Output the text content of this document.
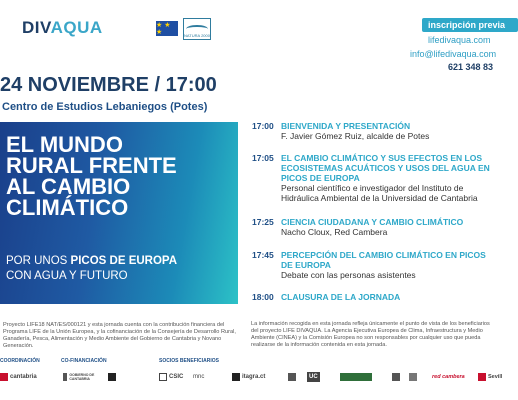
DIVAQUA	★ ★ ★	NATURA 2000
inscripción previa
lifedivaqua.com
info@lifedivaqua.com
621 348 83
24 NOVIEMBRE / 17:00
Centro de Estudios Lebaniegos (Potes)
EL MUNDO
RURAL FRENTE
AL CAMBIO
CLIMÁTICO
POR UNOS PICOS DE EUROPA
CON AGUA Y FUTURO
17:00 BIENVENIDA Y PRESENTACIÓN
F. Javier Gómez Ruiz, alcalde de Potes
17:05 EL CAMBIO CLIMÁTICO Y SUS EFECTOS EN LOS ECOSISTEMAS ACUÁTICOS Y USOS DEL AGUA EN PICOS DE EUROPA
Personal científico e investigador del Instituto de Hidráulica Ambiental de la Universidad de Cantabria
17:25 CIENCIA CIUDADANA Y CAMBIO CLIMÁTICO
Nacho Cloux, Red Cambera
17:45 PERCEPCIÓN DEL CAMBIO CLIMÁTICO EN PICOS DE EUROPA
Debate con las personas asistentes
18:00 CLAUSURA DE LA JORNADA
Proyecto LIFE18 NAT/ES/000121 y esta jornada cuenta con la contribución financiera del Programa LIFE de la Unión Europea, y la cofinanciación de la Consejería de Desarrollo Rural, Ganadería, Pesca, Alimentación y Medio Ambiente del Gobierno de Cantabria y Novano Generación.
La información recogida en esta jornada refleja únicamente el punto de vista de los beneficiarios del proyecto LIFE DIVAQUA. La Agencia Ejecutiva Europea de Clima, Infraestructura y Medio Ambiente (CINEA) y la Comisión Europea no son responsables por cualquier uso que pueda realizarse de la información contenida en esta jornada.
COORDINACIÓN	CO-FINANCIACIÓN	SOCIOS BENEFICIARIOS
cantabria	GOBIERNO DE CANTABRIA	CSIC mnc	itagra.ct	UC	red cambera	Sevill
